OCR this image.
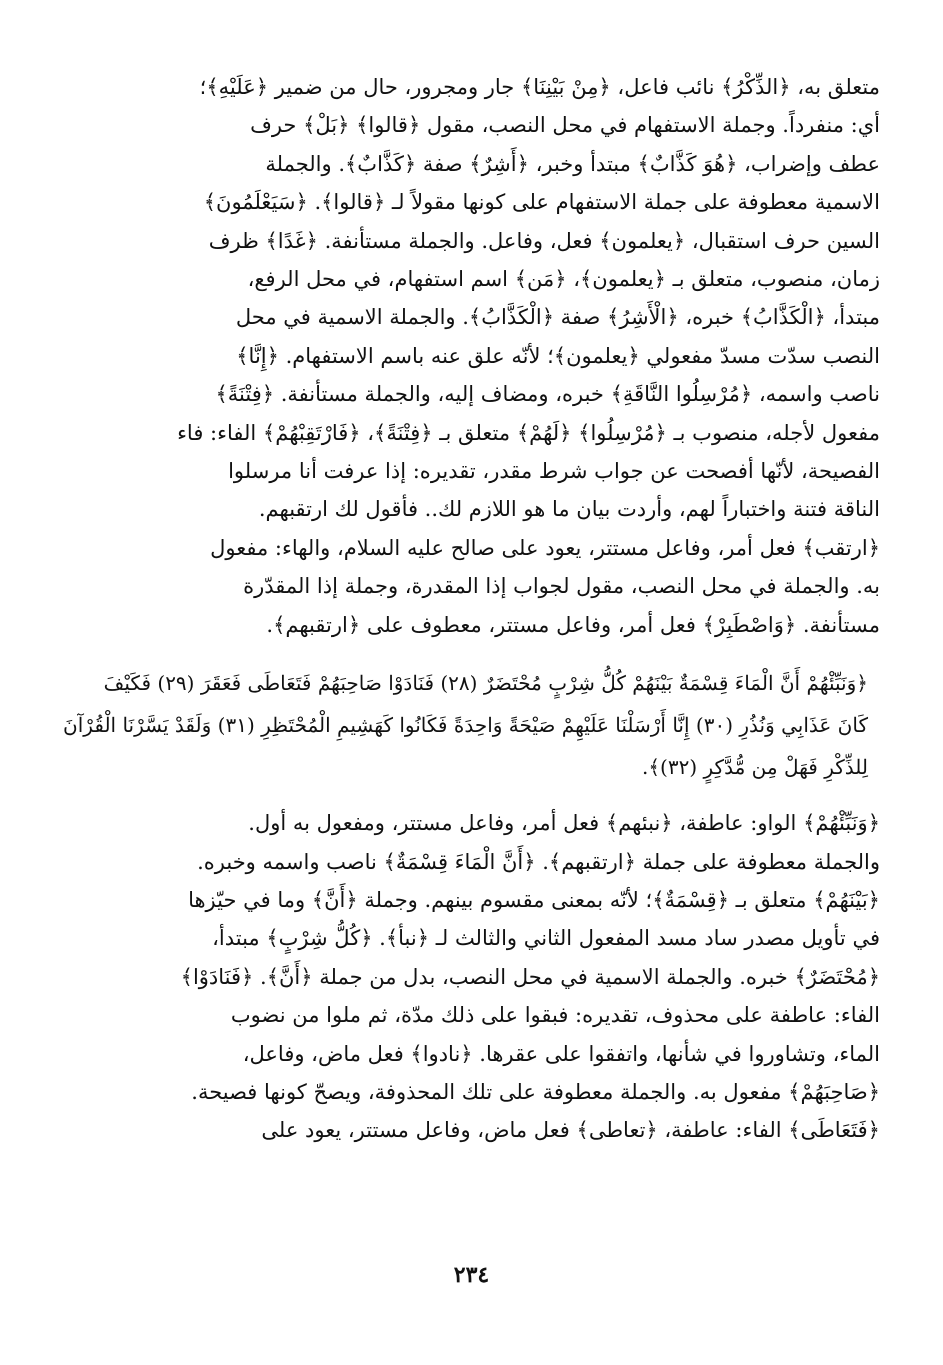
متعلق به، ﴿الذِّكْرُ﴾ نائب فاعل، ﴿مِنْ بَيْنِنَا﴾ جار ومجرور، حال من ضمير ﴿عَلَيْهِ﴾؛

أي: منفرداً. وجملة الاستفهام في محل النصب، مقول ﴿قالوا﴾ ﴿بَلْ﴾ حرف

عطف وإضراب، ﴿هُوَ كَذَّابٌ﴾ مبتدأ وخبر، ﴿أَشِرٌ﴾ صفة ﴿كَذَّابٌ﴾. والجملة

الاسمية معطوفة على جملة الاستفهام على كونها مقولاً لـ ﴿قالوا﴾. ﴿سَيَعْلَمُونَ﴾

السين حرف استقبال، ﴿يعلمون﴾ فعل، وفاعل. والجملة مستأنفة. ﴿غَدًا﴾ ظرف

زمان، منصوب، متعلق بـ ﴿يعلمون﴾، ﴿مَن﴾ اسم استفهام، في محل الرفع،

مبتدأ، ﴿الْكَذَّابُ﴾ خبره، ﴿الْأَشِرُ﴾ صفة ﴿الْكَذَّابُ﴾. والجملة الاسمية في محل

النصب سدّت مسدّ مفعولي ﴿يعلمون﴾؛ لأنّه علق عنه باسم الاستفهام. ﴿إِنَّا﴾

ناصب واسمه، ﴿مُرْسِلُوا النَّاقَةِ﴾ خبره، ومضاف إليه، والجملة مستأنفة. ﴿فِتْنَةً﴾

مفعول لأجله، منصوب بـ ﴿مُرْسِلُوا﴾ ﴿لَهُمْ﴾ متعلق بـ ﴿فِتْنَةً﴾، ﴿فَارْتَقِبْهُمْ﴾ الفاء: فاء

الفصيحة، لأنّها أفصحت عن جواب شرط مقدر، تقديره: إذا عرفت أنا مرسلوا

الناقة فتنة واختباراً لهم، وأردت بيان ما هو اللازم لك.. فأقول لك ارتقبهم.

﴿ارتقب﴾ فعل أمر، وفاعل مستتر، يعود على صالح عليه السلام، والهاء: مفعول

به. والجملة في محل النصب، مقول لجواب إذا المقدرة، وجملة إذا المقدّرة

مستأنفة. ﴿وَاصْطَبِرْ﴾ فعل أمر، وفاعل مستتر، معطوف على ﴿ارتقبهم﴾.

﴿وَنَبِّئْهُمْ أَنَّ الْمَاءَ قِسْمَةٌ بَيْنَهُمْ كُلُّ شِرْبٍ مُحْتَضَرٌ (٢٨) فَنَادَوْا صَاحِبَهُمْ فَتَعَاطَى فَعَقَرَ (٢٩) فَكَيْفَ

كَانَ عَذَابِي وَنُذُرِ (٣٠) إِنَّا أَرْسَلْنَا عَلَيْهِمْ صَيْحَةً وَاحِدَةً فَكَانُوا كَهَشِيمِ الْمُحْتَظِرِ (٣١) وَلَقَدْ يَسَّرْنَا الْقُرْآنَ

لِلذِّكْرِ فَهَلْ مِن مُّدَّكِرٍ (٣٢)﴾.

﴿وَنَبِّئْهُمْ﴾ الواو: عاطفة، ﴿نبئهم﴾ فعل أمر، وفاعل مستتر، ومفعول به أول.

والجملة معطوفة على جملة ﴿ارتقبهم﴾. ﴿أَنَّ الْمَاءَ قِسْمَةٌ﴾ ناصب واسمه وخبره.

﴿بَيْنَهُمْ﴾ متعلق بـ ﴿قِسْمَةٌ﴾؛ لأنّه بمعنى مقسوم بينهم. وجملة ﴿أَنَّ﴾ وما في حيّزها

في تأويل مصدر ساد مسد المفعول الثاني والثالث لـ ﴿نبأ﴾. ﴿كُلُّ شِرْبٍ﴾ مبتدأ،

﴿مُحْتَضَرٌ﴾ خبره. والجملة الاسمية في محل النصب، بدل من جملة ﴿أَنَّ﴾. ﴿فَنَادَوْا﴾

الفاء: عاطفة على محذوف، تقديره: فبقوا على ذلك مدّة، ثم ملوا من نضوب

الماء، وتشاوروا في شأنها، واتفقوا على عقرها. ﴿نادوا﴾ فعل ماض، وفاعل،

﴿صَاحِبَهُمْ﴾ مفعول به. والجملة معطوفة على تلك المحذوفة، ويصحّ كونها فصيحة.

﴿فَتَعَاطَى﴾ الفاء: عاطفة، ﴿تعاطى﴾ فعل ماض، وفاعل مستتر، يعود على

٢٣٤
